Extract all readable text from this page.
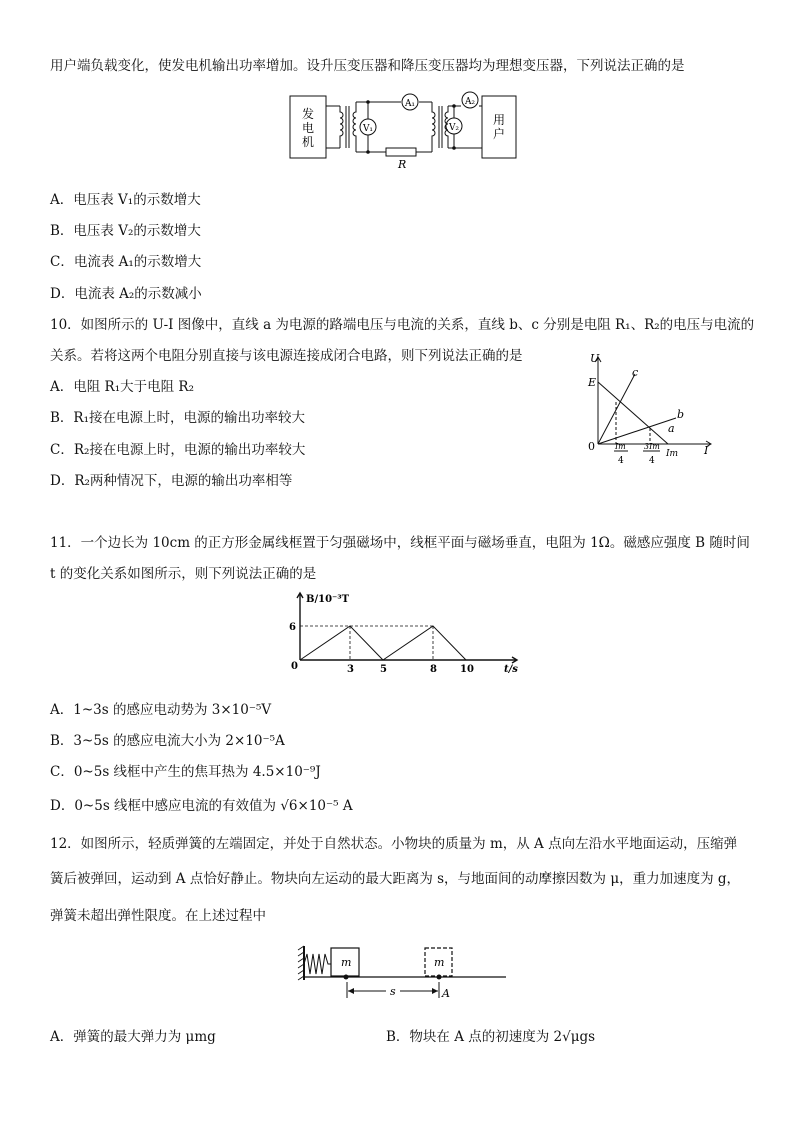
用户端负载变化，使发电机输出功率增加。设升压变压器和降压变压器均为理想变压器，下列说法正确的是
发电机
用户
V₁
A₁
V₂
A₂
R
A．电压表 V₁的示数增大
B．电压表 V₂的示数增大
C．电流表 A₁的示数增大
D．电流表 A₂的示数减小
10．如图所示的 U-I 图像中，直线 a 为电源的路端电压与电流的关系，直线 b、c 分别是电阻 R₁、R₂的电压与电流的
关系。若将这两个电阻分别直接与该电源连接成闭合电路，则下列说法正确的是
A．电阻 R₁大于电阻 R₂
B．R₁接在电源上时，电源的输出功率较大
C．R₂接在电源上时，电源的输出功率较大
D．R₂两种情况下，电源的输出功率相等
U
E
0	I
c
b
a
Im
4
3Im
4
Im
11．一个边长为 10cm 的正方形金属线框置于匀强磁场中，线框平面与磁场垂直，电阻为 1Ω。磁感应强度 B 随时间
t 的变化关系如图所示，则下列说法正确的是
B/10⁻³T
6
0	3	5	8 10	t/s
A．1~3s 的感应电动势为 3×10⁻⁵V
B．3~5s 的感应电流大小为 2×10⁻⁵A
C．0~5s 线框中产生的焦耳热为 4.5×10⁻⁹J
D．0~5s 线框中感应电流的有效值为 √6×10⁻⁵ A
12．如图所示，轻质弹簧的左端固定，并处于自然状态。小物块的质量为 m，从 A 点向左沿水平地面运动，压缩弹
簧后被弹回，运动到 A 点恰好静止。物块向左运动的最大距离为 s，与地面间的动摩擦因数为 μ，重力加速度为 g，
弹簧未超出弹性限度。在上述过程中
m	m
s	A
A．弹簧的最大弹力为 μmg	B．物块在 A 点的初速度为 2√μgs
